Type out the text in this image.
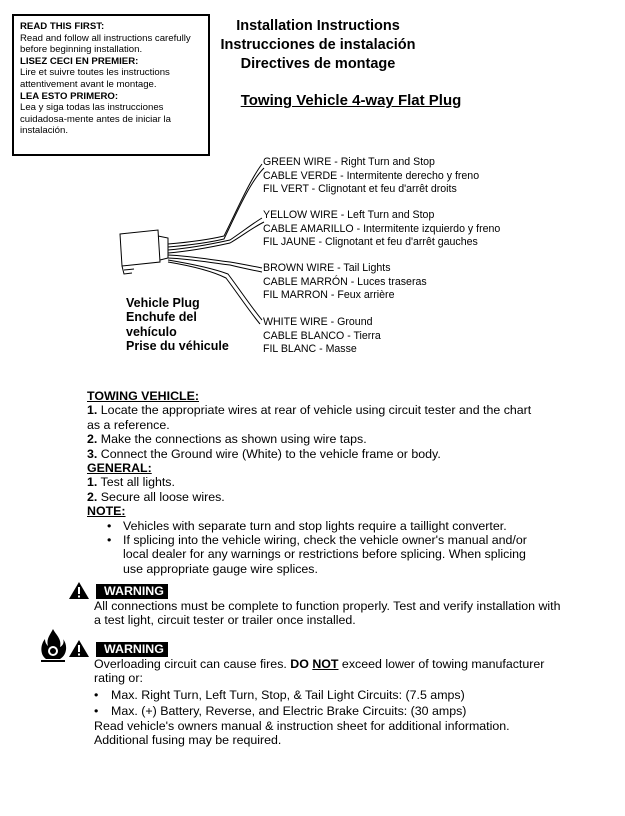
READ THIS FIRST:
Read and follow all instructions carefully before beginning installation.
LISEZ CECI EN PREMIER:
Lire et suivre toutes les instructions attentivement avant le montage.
LEA ESTO PRIMERO:
Lea y siga todas las instrucciones cuidadosa-mente antes de iniciar la instalación.
Installation Instructions
Instrucciones de instalación
Directives de montage
Towing Vehicle 4-way Flat Plug
GREEN WIRE - Right Turn and Stop
CABLE VERDE - Intermitente derecho y freno
FIL VERT - Clignotant et feu d'arrêt droits
YELLOW WIRE - Left Turn and Stop
CABLE AMARILLO - Intermitente izquierdo y freno
FIL JAUNE - Clignotant et feu d'arrêt gauches
BROWN WIRE - Tail Lights
CABLE MARRÓN - Luces traseras
FIL MARRON - Feux arrière
WHITE WIRE - Ground
CABLE BLANCO - Tierra
FIL BLANC - Masse
Vehicle Plug
Enchufe del
vehículo
Prise du véhicule
TOWING VEHICLE:
1. Locate the appropriate wires at rear of vehicle using circuit tester and the chart as a reference.
2. Make the connections as shown using wire taps.
3. Connect the Ground wire (White) to the vehicle frame or body.
GENERAL:
1. Test all lights.
2. Secure all loose wires.
NOTE:
• Vehicles with separate turn and stop lights require a taillight converter.
• If splicing into the vehicle wiring, check the vehicle owner's manual and/or local dealer for any warnings or restrictions before splicing. When splicing use appropriate gauge wire splices.
WARNING
All connections must be complete to function properly. Test and verify installation with a test light, circuit tester or trailer once installed.
WARNING
Overloading circuit can cause fires. DO NOT exceed lower of towing manufacturer rating or:
• Max. Right Turn, Left Turn, Stop, & Tail Light Circuits: (7.5 amps)
• Max. (+) Battery, Reverse, and Electric Brake Circuits: (30 amps)
Read vehicle's owners manual & instruction sheet for additional information. Additional fusing may be required.
